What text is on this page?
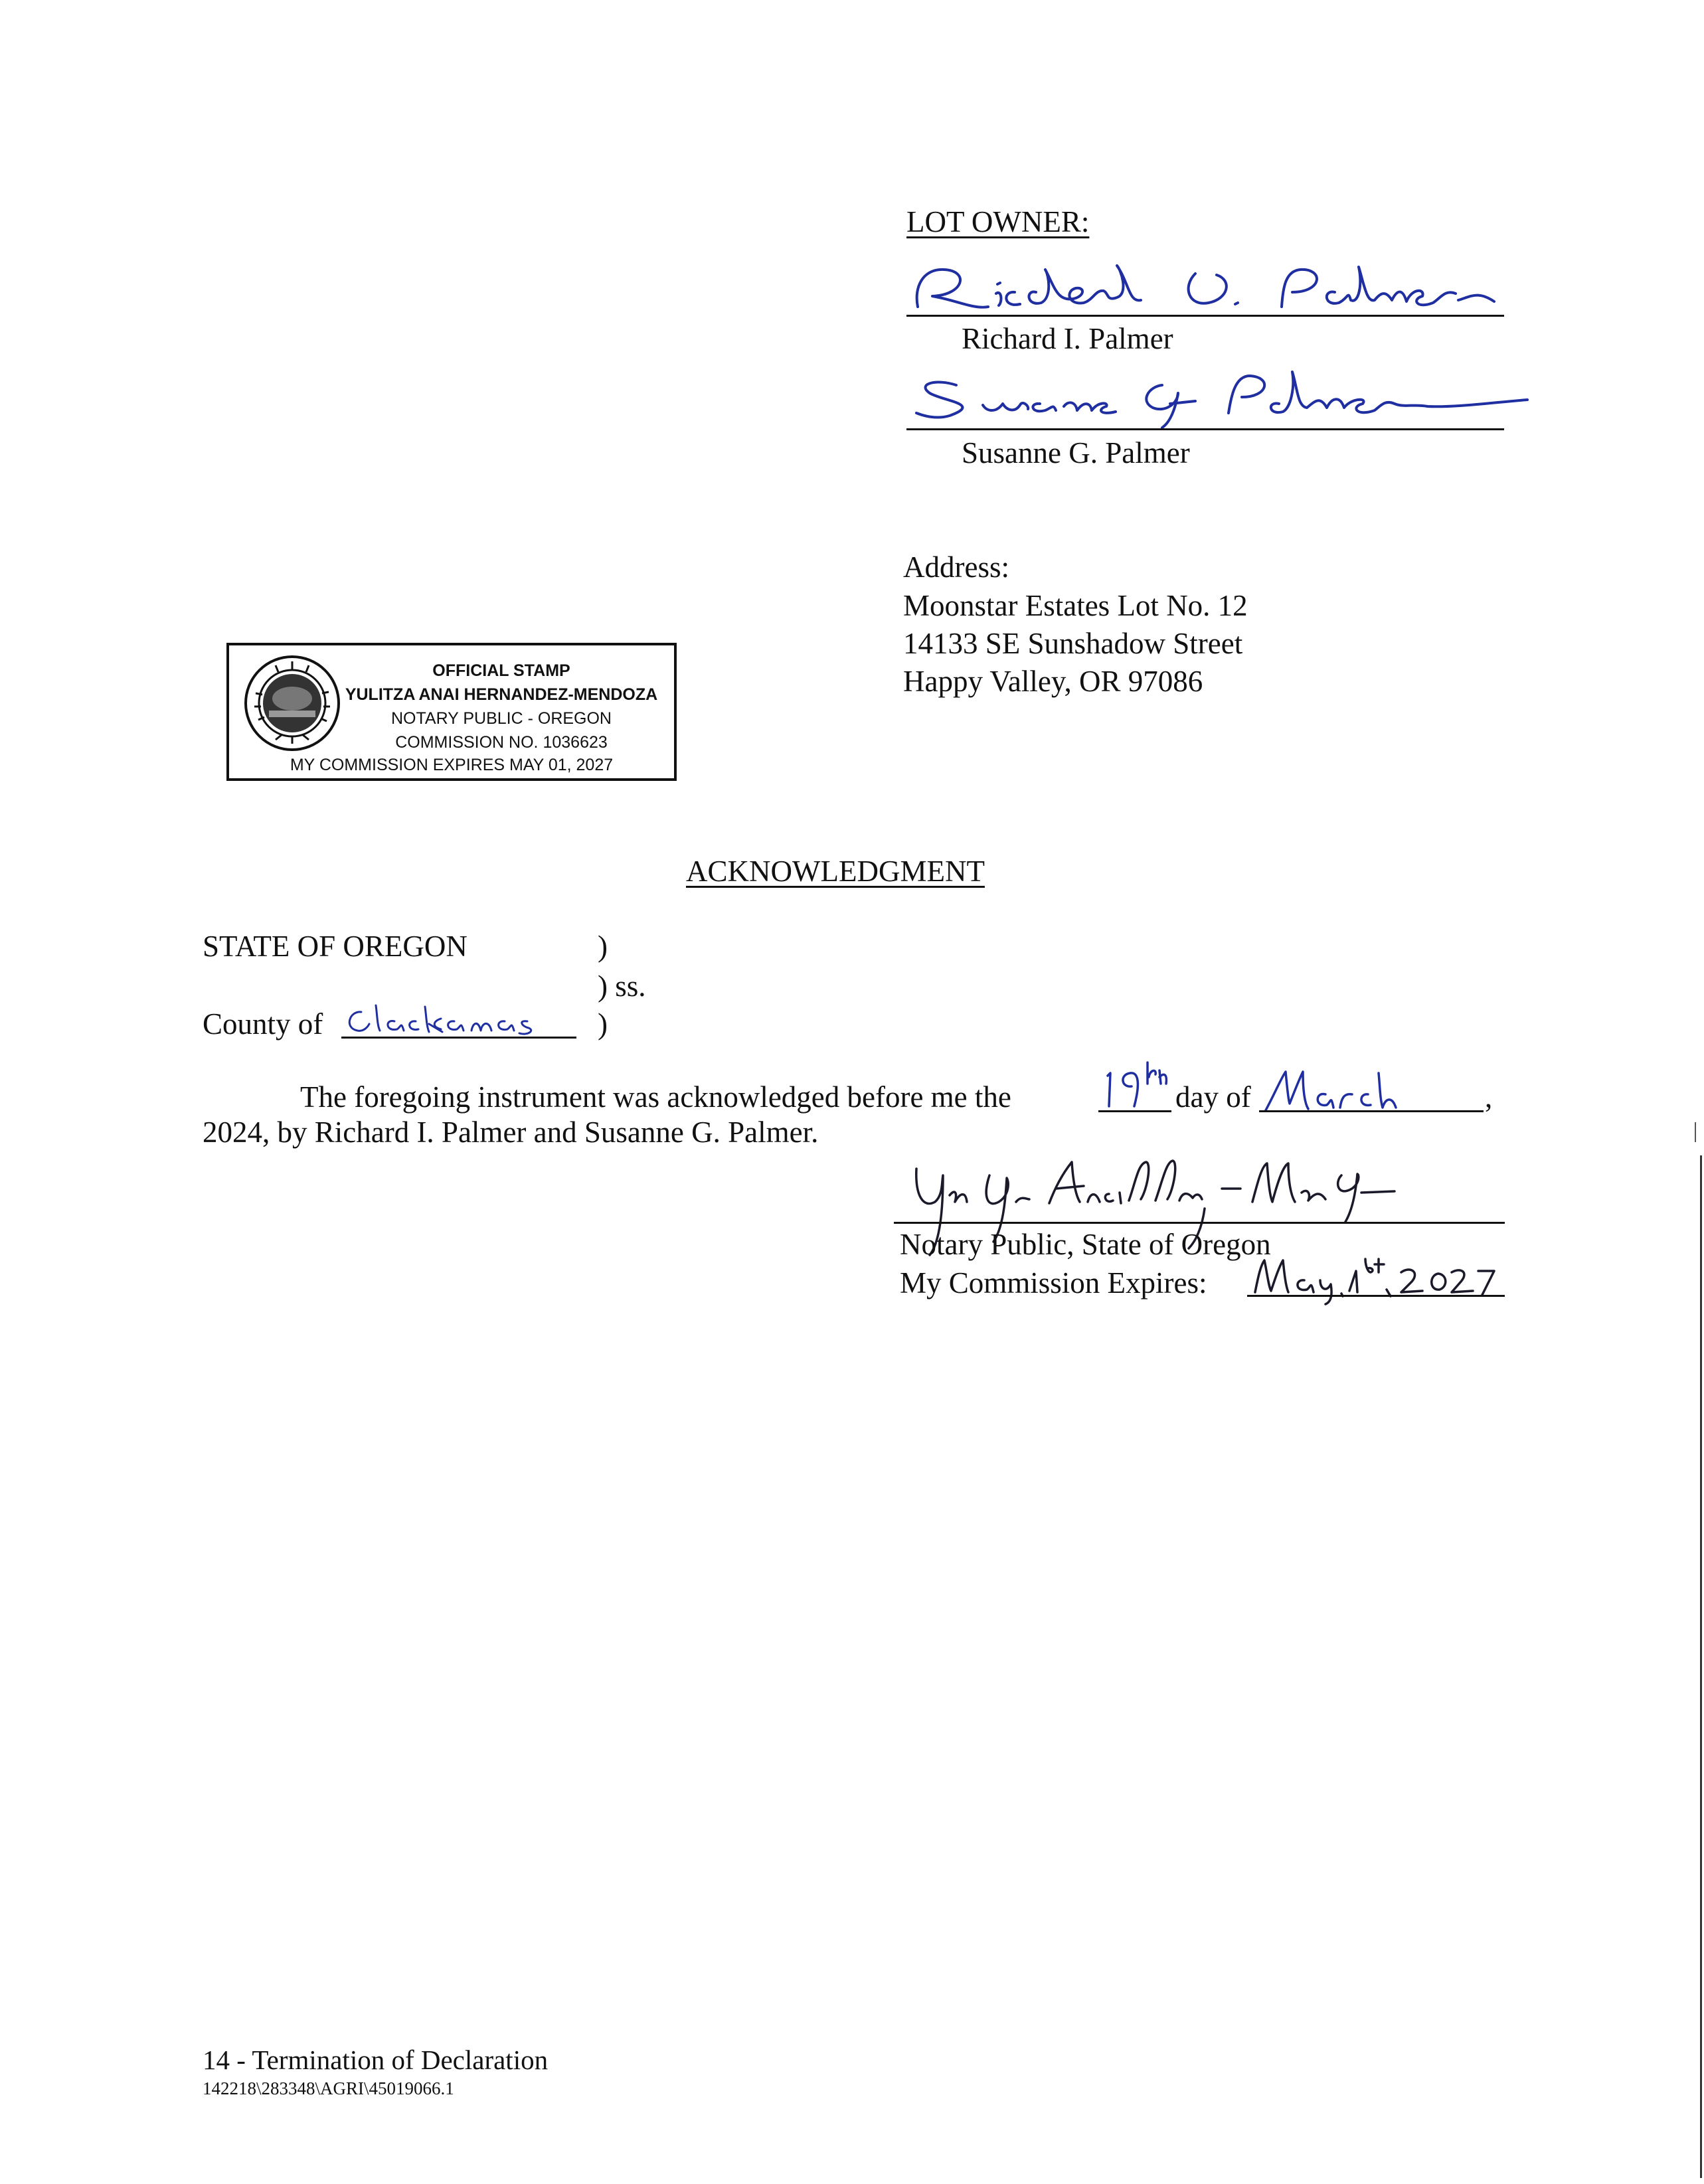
LOT OWNER:
Richard I. Palmer
Susanne G. Palmer
Address:
Moonstar Estates Lot No. 12
14133 SE Sunshadow Street
Happy Valley, OR 97086
OFFICIAL STAMP
YULITZA ANAI HERNANDEZ-MENDOZA
NOTARY PUBLIC - OREGON
COMMISSION NO. 1036623
MY COMMISSION EXPIRES MAY 01, 2027
ACKNOWLEDGMENT
STATE OF OREGON	)
) ss.
County of	)
The foregoing instrument was acknowledged before me the	day of	,
2024, by Richard I. Palmer and Susanne G. Palmer.
Notary Public, State of Oregon
My Commission Expires:
14 - Termination of Declaration
142218\283348\AGRI\45019066.1
